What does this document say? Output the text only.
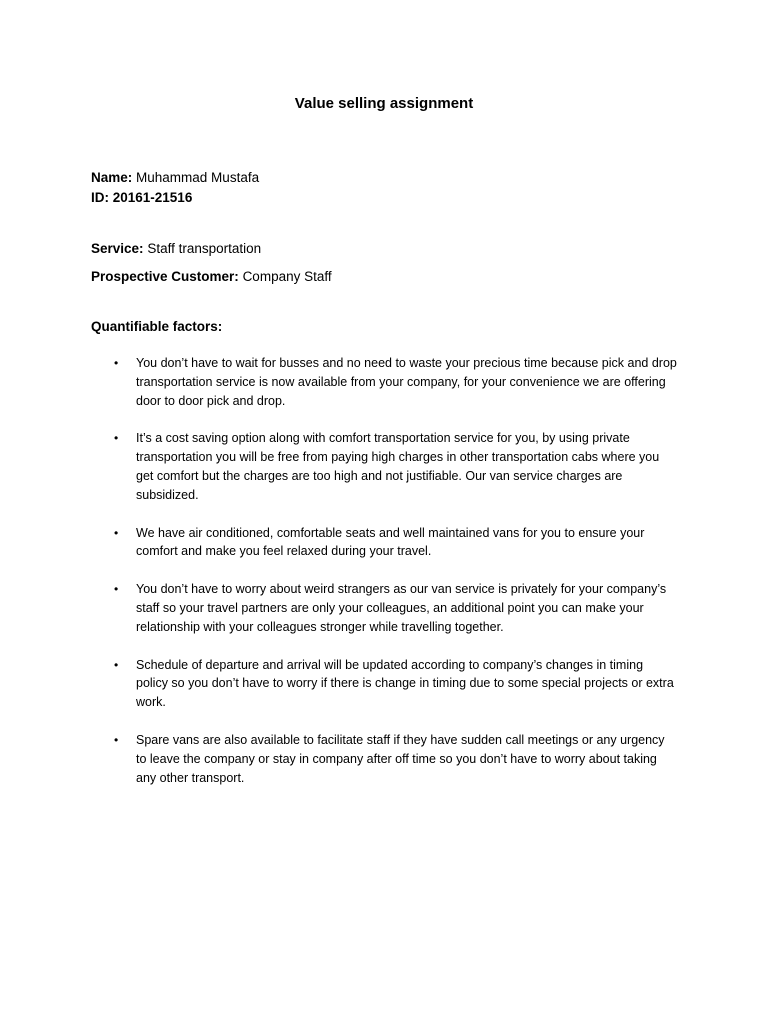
Value selling assignment
Name: Muhammad Mustafa
ID: 20161-21516
Service: Staff transportation
Prospective Customer: Company Staff
Quantifiable factors:
• You don’t have to wait for busses and no need to waste your precious time because pick and drop transportation service is now available from your company, for your convenience we are offering door to door pick and drop.
• It’s a cost saving option along with comfort transportation service for you, by using private transportation you will be free from paying high charges in other transportation cabs where you get comfort but the charges are too high and not justifiable. Our van service charges are subsidized.
• We have air conditioned, comfortable seats and well maintained vans for you to ensure your comfort and make you feel relaxed during your travel.
• You don’t have to worry about weird strangers as our van service is privately for your company’s staff so your travel partners are only your colleagues, an additional point you can make your relationship with your colleagues stronger while travelling together.
• Schedule of departure and arrival will be updated according to company’s changes in timing policy so you don’t have to worry if there is change in timing due to some special projects or extra work.
• Spare vans are also available to facilitate staff if they have sudden call meetings or any urgency to leave the company or stay in company after off time so you don’t have to worry about taking any other transport.
